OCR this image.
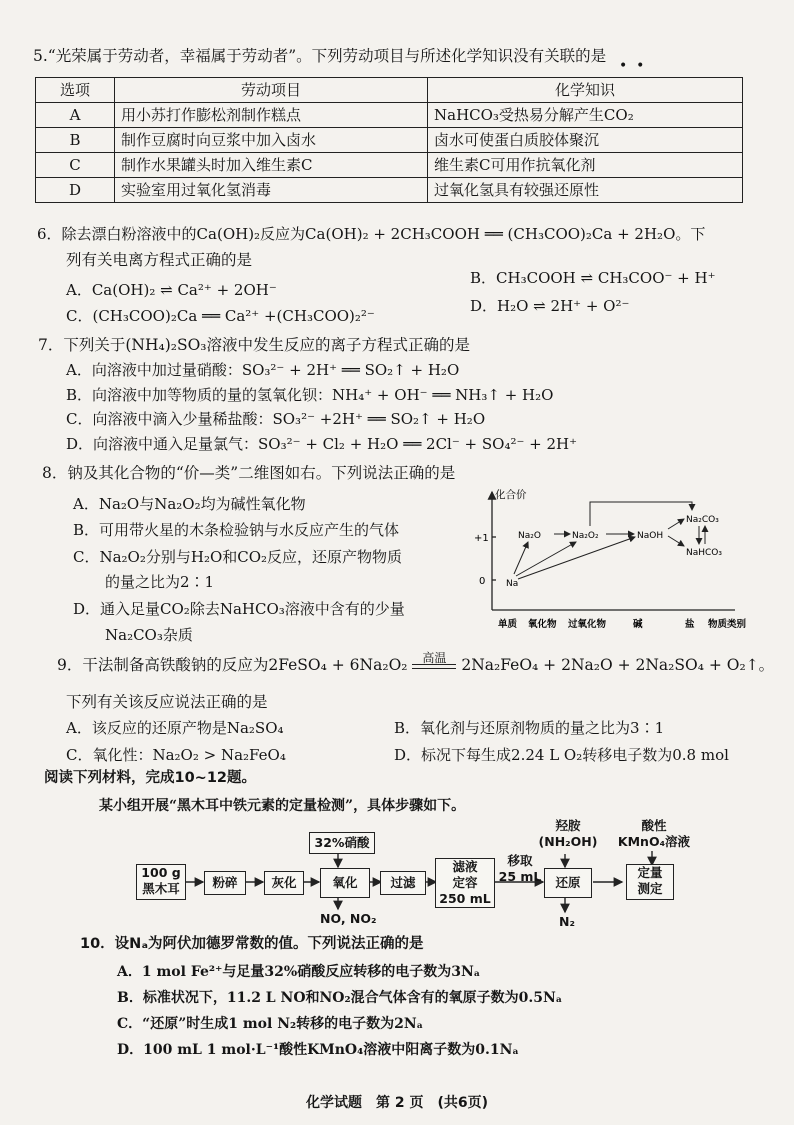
5.“光荣属于劳动者，幸福属于劳动者”。下列劳动项目与所述化学知识没有关联的是
•  •
选项	劳动项目	化学知识
A	用小苏打作膨松剂制作糕点	NaHCO₃受热易分解产生CO₂
B	制作豆腐时向豆浆中加入卤水	卤水可使蛋白质胶体聚沉
C	制作水果罐头时加入维生素C	维生素C可用作抗氧化剂
D	实验室用过氧化氢消毒	过氧化氢具有较强还原性
6．除去漂白粉溶液中的Ca(OH)₂反应为Ca(OH)₂ + 2CH₃COOH ══ (CH₃COO)₂Ca + 2H₂O。下
列有关电离方程式正确的是
A．Ca(OH)₂ ⇌ Ca²⁺ + 2OH⁻
B．CH₃COOH ⇌ CH₃COO⁻ + H⁺
C．(CH₃COO)₂Ca ══ Ca²⁺ +(CH₃COO)₂²⁻
D．H₂O ⇌ 2H⁺ + O²⁻
7．下列关于(NH₄)₂SO₃溶液中发生反应的离子方程式正确的是
A．向溶液中加过量硝酸：SO₃²⁻ + 2H⁺ ══ SO₂↑ + H₂O
B．向溶液中加等物质的量的氢氧化钡：NH₄⁺ + OH⁻ ══ NH₃↑ + H₂O
C．向溶液中滴入少量稀盐酸：SO₃²⁻ +2H⁺ ══ SO₂↑ + H₂O
D．向溶液中通入足量氯气：SO₃²⁻ + Cl₂ + H₂O ══ 2Cl⁻ + SO₄²⁻ + 2H⁺
8．钠及其化合物的“价—类”二维图如右。下列说法正确的是
A．Na₂O与Na₂O₂均为碱性氧化物
B．可用带火星的木条检验钠与水反应产生的气体
C．Na₂O₂分别与H₂O和CO₂反应，还原产物物质
的量之比为2∶1
D．通入足量CO₂除去NaHCO₃溶液中含有的少量
Na₂CO₃杂质
化合价
+1
0
单质 氧化物 过氧化物	碱	盐 物质类别
Na
Na₂O	Na₂O₂	NaOH
Na₂CO₃
NaHCO₃
9．干法制备高铁酸钠的反应为2FeSO₄ + 6Na₂O₂	高温 2Na₂FeO₄ + 2Na₂O + 2Na₂SO₄ + O₂↑。
下列有关该反应说法正确的是
A．该反应的还原产物是Na₂SO₄	B．氧化剂与还原剂物质的量之比为3∶1
C．氧化性：Na₂O₂ > Na₂FeO₄	D．标况下每生成2.24 L O₂转移电子数为0.8 mol
阅读下列材料，完成10~12题。
某小组开展“黑木耳中铁元素的定量检测”，具体步骤如下。
100 g
黑木耳	粉碎	灰化	氧化
32%硝酸
NO, NO₂
过滤
滤液
定容
250 mL
移取
25 mL	还原
羟胺
(NH₂OH)
N₂
酸性
KMnO₄溶液
定量
测定
10．设Nₐ为阿伏加德罗常数的值。下列说法正确的是
A．1 mol Fe²⁺与足量32%硝酸反应转移的电子数为3Nₐ
B．标准状况下，11.2 L NO和NO₂混合气体含有的氧原子数为0.5Nₐ
C．“还原”时生成1 mol N₂转移的电子数为2Nₐ
D．100 mL 1 mol·L⁻¹酸性KMnO₄溶液中阳离子数为0.1Nₐ
化学试题　第 2 页　(共6页)
